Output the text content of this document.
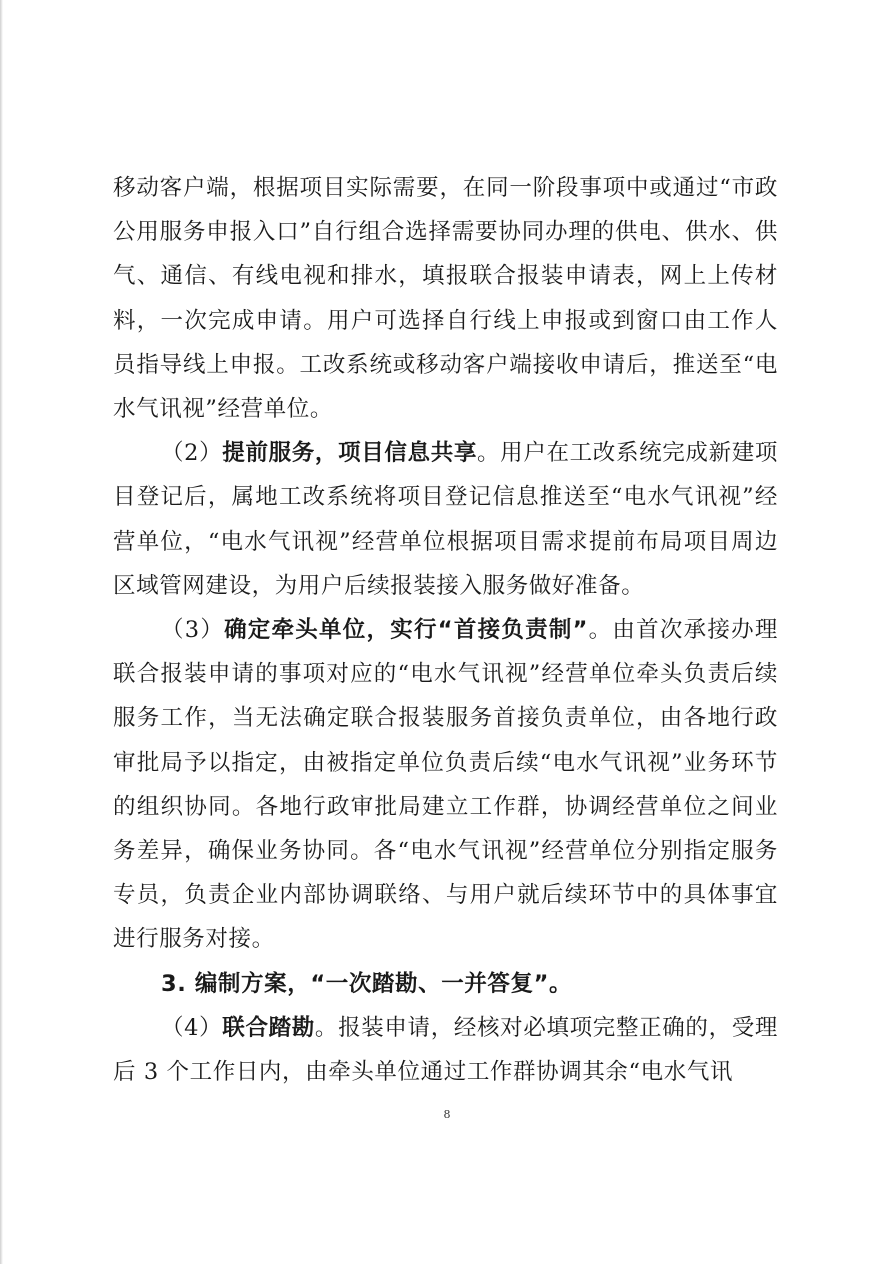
移动客户端，根据项目实际需要，在同一阶段事项中或通过“市政公用服务申报入口”自行组合选择需要协同办理的供电、供水、供气、通信、有线电视和排水，填报联合报装申请表，网上上传材料，一次完成申请。用户可选择自行线上申报或到窗口由工作人员指导线上申报。工改系统或移动客户端接收申请后，推送至“电水气讯视”经营单位。

（2）提前服务，项目信息共享。用户在工改系统完成新建项目登记后，属地工改系统将项目登记信息推送至“电水气讯视”经营单位，“电水气讯视”经营单位根据项目需求提前布局项目周边区域管网建设，为用户后续报装接入服务做好准备。

（3）确定牵头单位，实行“首接负责制”。由首次承接办理联合报装申请的事项对应的“电水气讯视”经营单位牵头负责后续服务工作，当无法确定联合报装服务首接负责单位，由各地行政审批局予以指定，由被指定单位负责后续“电水气讯视”业务环节的组织协同。各地行政审批局建立工作群，协调经营单位之间业务差异，确保业务协同。各“电水气讯视”经营单位分别指定服务专员，负责企业内部协调联络、与用户就后续环节中的具体事宜进行服务对接。

3. 编制方案，“一次踏勘、一并答复”。

（4）联合踏勘。报装申请，经核对必填项完整正确的，受理后 3 个工作日内，由牵头单位通过工作群协调其余“电水气讯

8
